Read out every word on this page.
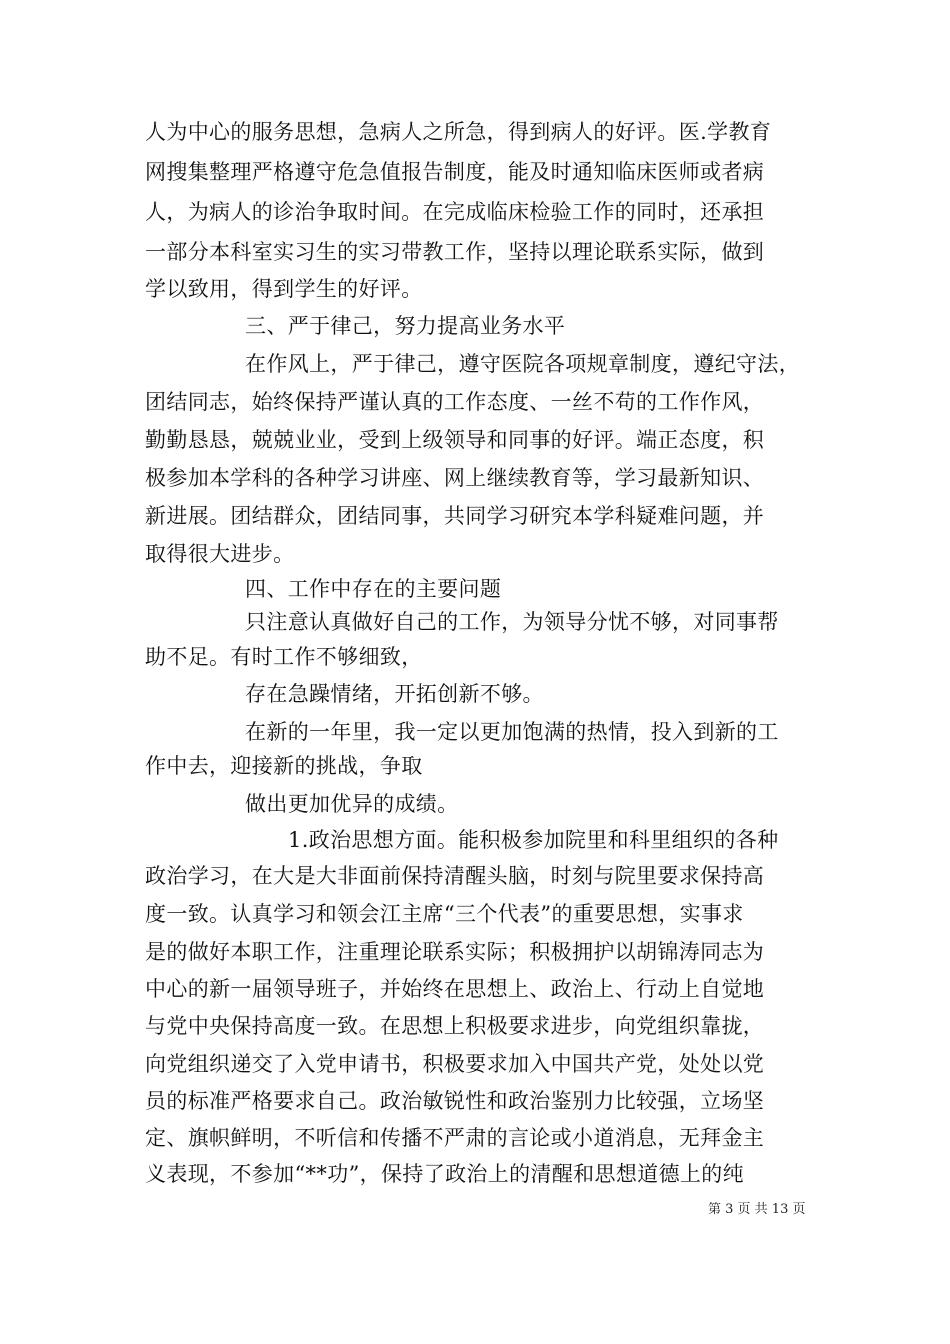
人为中心的服务思想，急病人之所急，得到病人的好评。医.学教育
网搜集整理严格遵守危急值报告制度，能及时通知临床医师或者病
人，为病人的诊治争取时间。在完成临床检验工作的同时，还承担
一部分本科室实习生的实习带教工作，坚持以理论联系实际，做到
学以致用，得到学生的好评。
三、严于律己，努力提高业务水平
在作风上，严于律己，遵守医院各项规章制度，遵纪守法，
团结同志，始终保持严谨认真的工作态度、一丝不苟的工作作风，
勤勤恳恳，兢兢业业，受到上级领导和同事的好评。端正态度，积
极参加本学科的各种学习讲座、网上继续教育等，学习最新知识、
新进展。团结群众，团结同事，共同学习研究本学科疑难问题，并
取得很大进步。
四、工作中存在的主要问题
只注意认真做好自己的工作，为领导分忧不够，对同事帮
助不足。有时工作不够细致，
存在急躁情绪，开拓创新不够。
在新的一年里，我一定以更加饱满的热情，投入到新的工
作中去，迎接新的挑战，争取
做出更加优异的成绩。
1.政治思想方面。能积极参加院里和科里组织的各种
政治学习，在大是大非面前保持清醒头脑，时刻与院里要求保持高
度一致。认真学习和领会江主席“三个代表”的重要思想，实事求
是的做好本职工作，注重理论联系实际；积极拥护以胡锦涛同志为
中心的新一届领导班子，并始终在思想上、政治上、行动上自觉地
与党中央保持高度一致。在思想上积极要求进步，向党组织靠拢，
向党组织递交了入党申请书，积极要求加入中国共产党，处处以党
员的标准严格要求自己。政治敏锐性和政治鉴别力比较强，立场坚
定、旗帜鲜明，不听信和传播不严肃的言论或小道消息，无拜金主
义表现，不参加“**功”，保持了政治上的清醒和思想道德上的纯
第 3 页 共 13 页
